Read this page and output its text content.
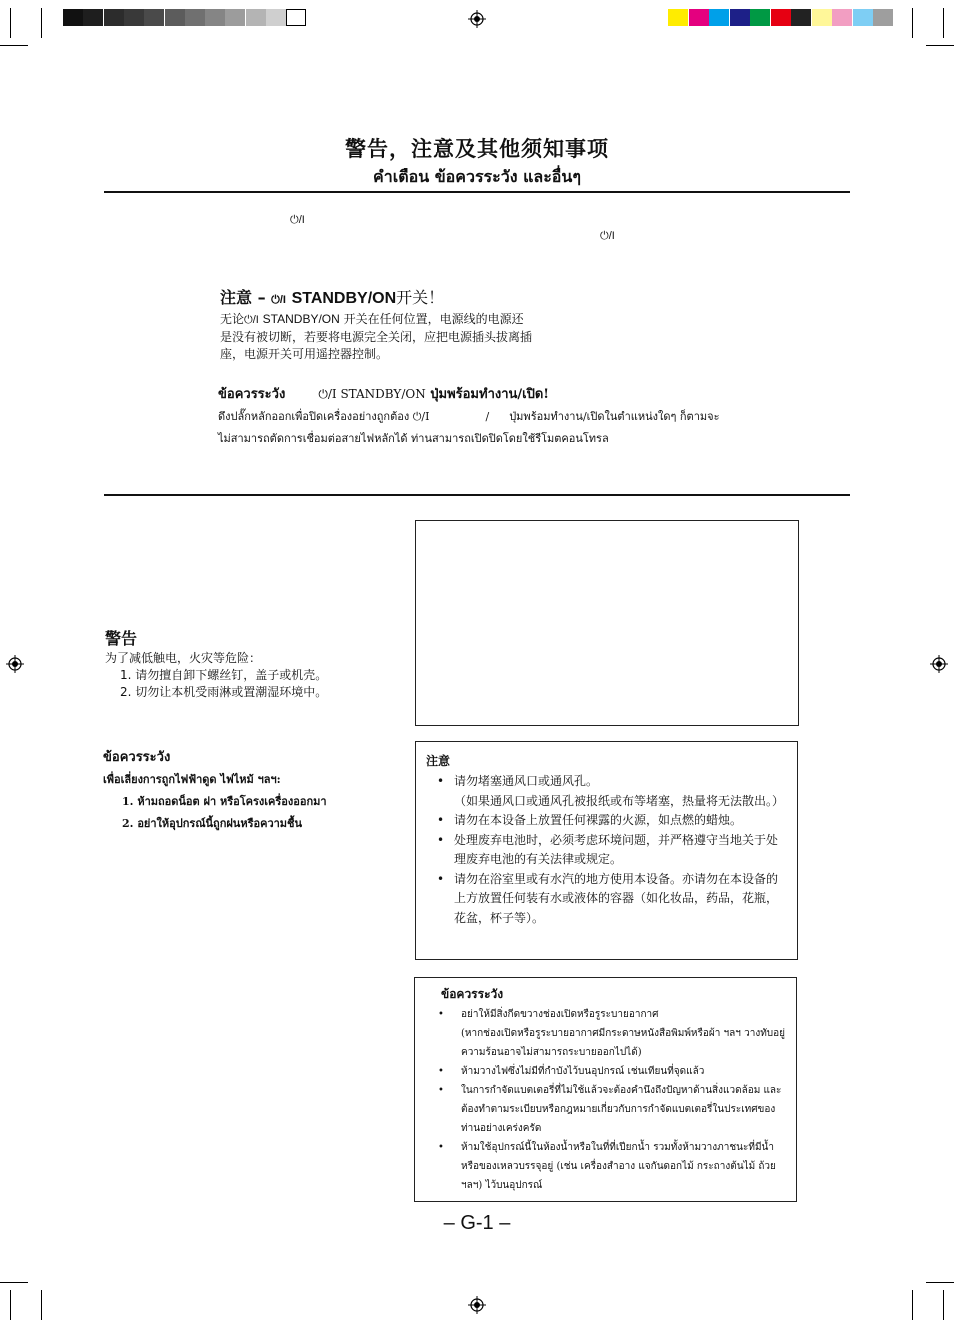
警告，注意及其他须知事项
คำเตือน ข้อควรระวัง และอื่นๆ
⏻/I
⏻/I
注意 – ⏻/I STANDBY/ON开关！
无论⏻/I STANDBY/ON 开关在任何位置，电源线的电源还
是没有被切断，若要将电源完全关闭，应把电源插头拔离插
座，电源开关可用遥控器控制。
ข้อควรระวัง	⏻/I STANDBY/ON ปุ่มพร้อมทำงาน/เปิด!
ดึงปลั๊กหลักออกเพื่อปิดเครื่องอย่างถูกต้อง ⏻/I	/ ปุ่มพร้อมทำงาน/เปิดในตำแหน่งใดๆ ก็ตามจะ
ไม่สามารถตัดการเชื่อมต่อสายไฟหลักได้ ท่านสามารถเปิดปิดโดยใช้รีโมตคอนโทรล
警告
为了减低触电，火灾等危险：
1. 请勿擅自卸下螺丝钉，盖子或机壳。
2. 切勿让本机受雨淋或置潮湿环境中。
ข้อควรระวัง
เพื่อเลี่ยงการถูกไฟฟ้าดูด ไฟไหม้ ฯลฯ:
1. ห้ามถอดน็อต ฝา หรือโครงเครื่องออกมา
2. อย่าให้อุปกรณ์นี้ถูกฝนหรือความชื้น
注意
• 请勿堵塞通风口或通风孔。
（如果通风口或通风孔被报纸或布等堵塞，热量将无法散出。）
• 请勿在本设备上放置任何裸露的火源，如点燃的蜡烛。
• 处理废弃电池时，必须考虑环境问题，并严格遵守当地关于处理废弃电池的有关法律或规定。
• 请勿在浴室里或有水汽的地方使用本设备。亦请勿在本设备的上方放置任何装有水或液体的容器（如化妆品，药品，花瓶，花盆，杯子等）。
ข้อควรระวัง
• อย่าให้มีสิ่งกีดขวางช่องเปิดหรือรูระบายอากาศ
(หากช่องเปิดหรือรูระบายอากาศมีกระดาษหนังสือพิมพ์หรือผ้า ฯลฯ วางทับอยู่ ความร้อนอาจไม่สามารถระบายออกไปได้)
• ห้ามวางไฟซึ่งไม่มีที่กำบังไว้บนอุปกรณ์ เช่นเทียนที่จุดแล้ว
• ในการกำจัดแบตเตอรี่ที่ไม่ใช้แล้วจะต้องคำนึงถึงปัญหาด้านสิ่งแวดล้อม และต้องทำตามระเบียบหรือกฎหมายเกี่ยวกับการกำจัดแบตเตอรี่ในประเทศของท่านอย่างเคร่งครัด
• ห้ามใช้อุปกรณ์นี้ในห้องน้ำหรือในที่ที่เปียกน้ำ รวมทั้งห้ามวางภาชนะที่มีน้ำหรือของเหลวบรรจุอยู่ (เช่น เครื่องสำอาง แจกันดอกไม้ กระถางต้นไม้ ถ้วย ฯลฯ) ไว้บนอุปกรณ์
– G-1 –
